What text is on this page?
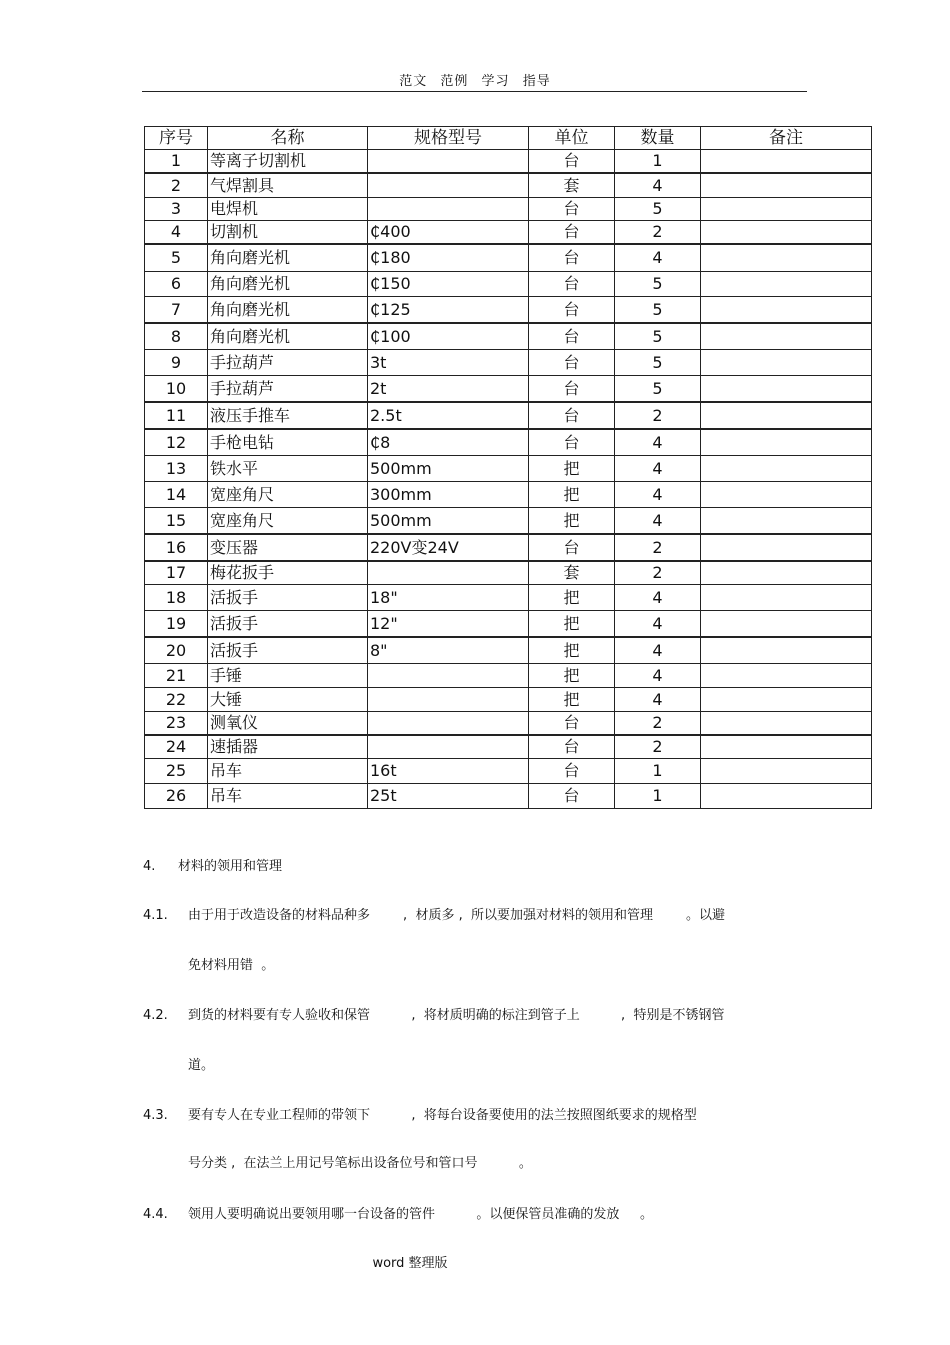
范文 范例 学习 指导
序号	名称	规格型号	单位	数量	备注
1	等离子切割机		台	1	
2	气焊割具		套	4	
3	电焊机		台	5	
4	切割机	₵400	台	2	
5	角向磨光机	₵180	台	4	
6	角向磨光机	₵150	台	5	
7	角向磨光机	₵125	台	5	
8	角向磨光机	₵100	台	5	
9	手拉葫芦	3t	台	5	
10	手拉葫芦	2t	台	5	
11	液压手推车	2.5t	台	2	
12	手枪电钻	₵8	台	4	
13	铁水平	500mm	把	4	
14	宽座角尺	300mm	把	4	
15	宽座角尺	500mm	把	4	
16	变压器	220V变24V	台	2	
17	梅花扳手		套	2	
18	活扳手	18"	把	4	
19	活扳手	12"	把	4	
20	活扳手	8"	把	4	
21	手锤		把	4	
22	大锤		把	4	
23	测氧仪		台	2	
24	速插器		台	2	
25	吊车	16t	台	1	
26	吊车	25t	台	1	
4. 材料的领用和管理
4.1. 由于用于改造设备的材料品种多        ,  材质多 ,  所以要加强对材料的领用和管理        。以避
免材料用错  。
4.2. 到货的材料要有专人验收和保管          ,  将材质明确的标注到管子上          ,  特别是不锈钢管
道。
4.3. 要有专人在专业工程师的带领下          ,  将每台设备要使用的法兰按照图纸要求的规格型
号分类 ,  在法兰上用记号笔标出设备位号和管口号          。
4.4. 领用人要明确说出要领用哪一台设备的管件          。以便保管员准确的发放     。
word 整理版
